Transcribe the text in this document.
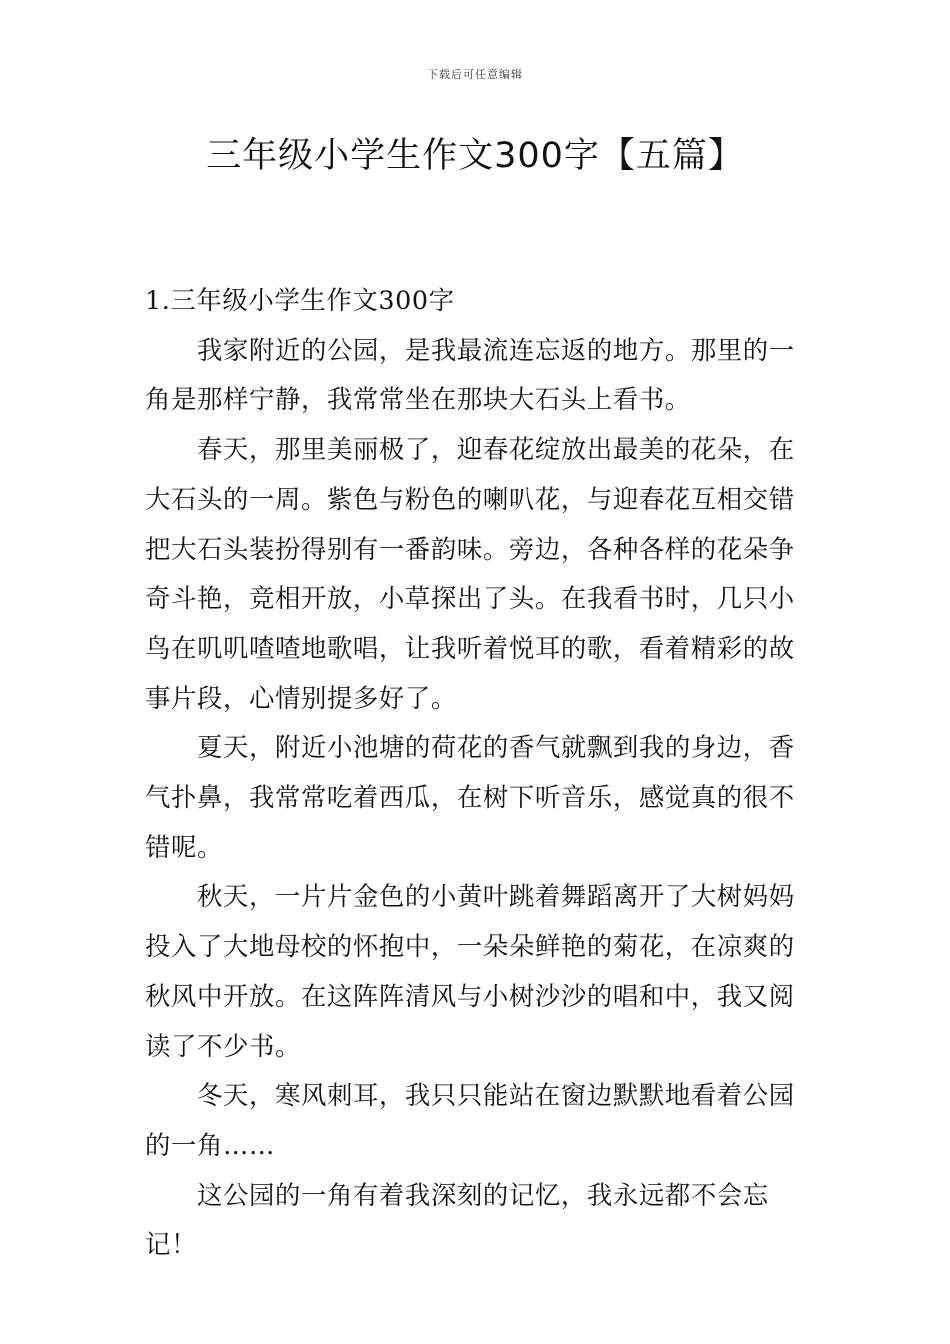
下载后可任意编辑
三年级小学生作文300字【五篇】

1.三年级小学生作文300字

我家附近的公园，是我最流连忘返的地方。那里的一
角是那样宁静，我常常坐在那块大石头上看书。

春天，那里美丽极了，迎春花绽放出最美的花朵，在
大石头的一周。紫色与粉色的喇叭花，与迎春花互相交错
把大石头装扮得别有一番韵味。旁边，各种各样的花朵争
奇斗艳，竞相开放，小草探出了头。在我看书时，几只小
鸟在叽叽喳喳地歌唱，让我听着悦耳的歌，看着精彩的故
事片段，心情别提多好了。

夏天，附近小池塘的荷花的香气就飘到我的身边，香
气扑鼻，我常常吃着西瓜，在树下听音乐，感觉真的很不
错呢。

秋天，一片片金色的小黄叶跳着舞蹈离开了大树妈妈
投入了大地母校的怀抱中，一朵朵鲜艳的菊花，在凉爽的
秋风中开放。在这阵阵清风与小树沙沙的唱和中，我又阅
读了不少书。

冬天，寒风刺耳，我只只能站在窗边默默地看着公园
的一角……

这公园的一角有着我深刻的记忆，我永远都不会忘记！
